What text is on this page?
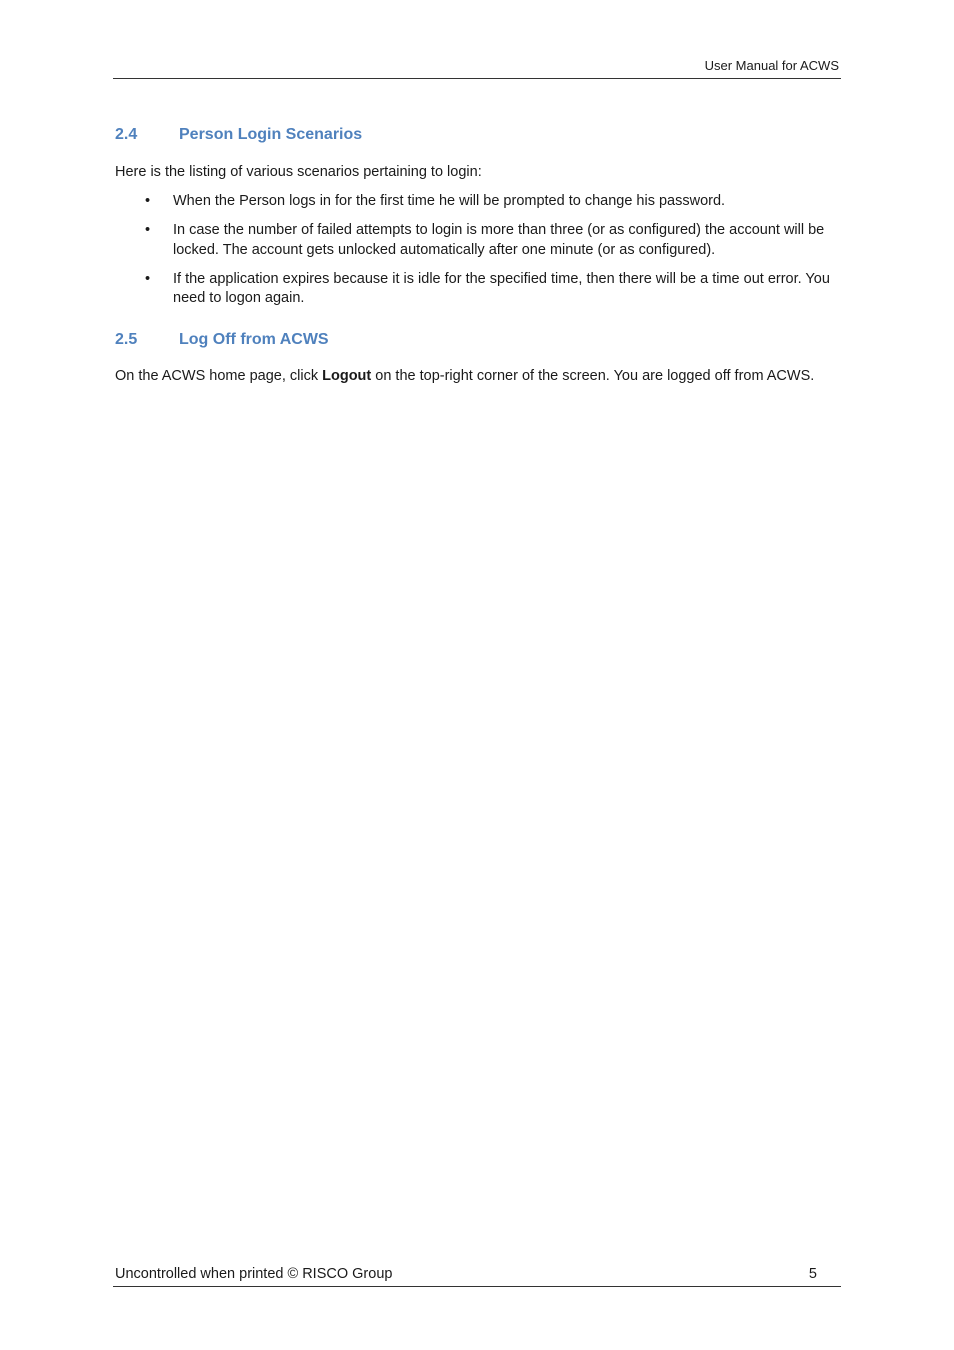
User Manual for ACWS
2.4	Person Login Scenarios
Here is the listing of various scenarios pertaining to login:
• When the Person logs in for the first time he will be prompted to change his password.
• In case the number of failed attempts to login is more than three (or as configured) the account will be locked. The account gets unlocked automatically after one minute (or as configured).
• If the application expires because it is idle for the specified time, then there will be a time out error. You need to logon again.
2.5	Log Off from ACWS
On the ACWS home page, click Logout on the top-right corner of the screen. You are logged off from ACWS.
Uncontrolled when printed © RISCO Group	5
